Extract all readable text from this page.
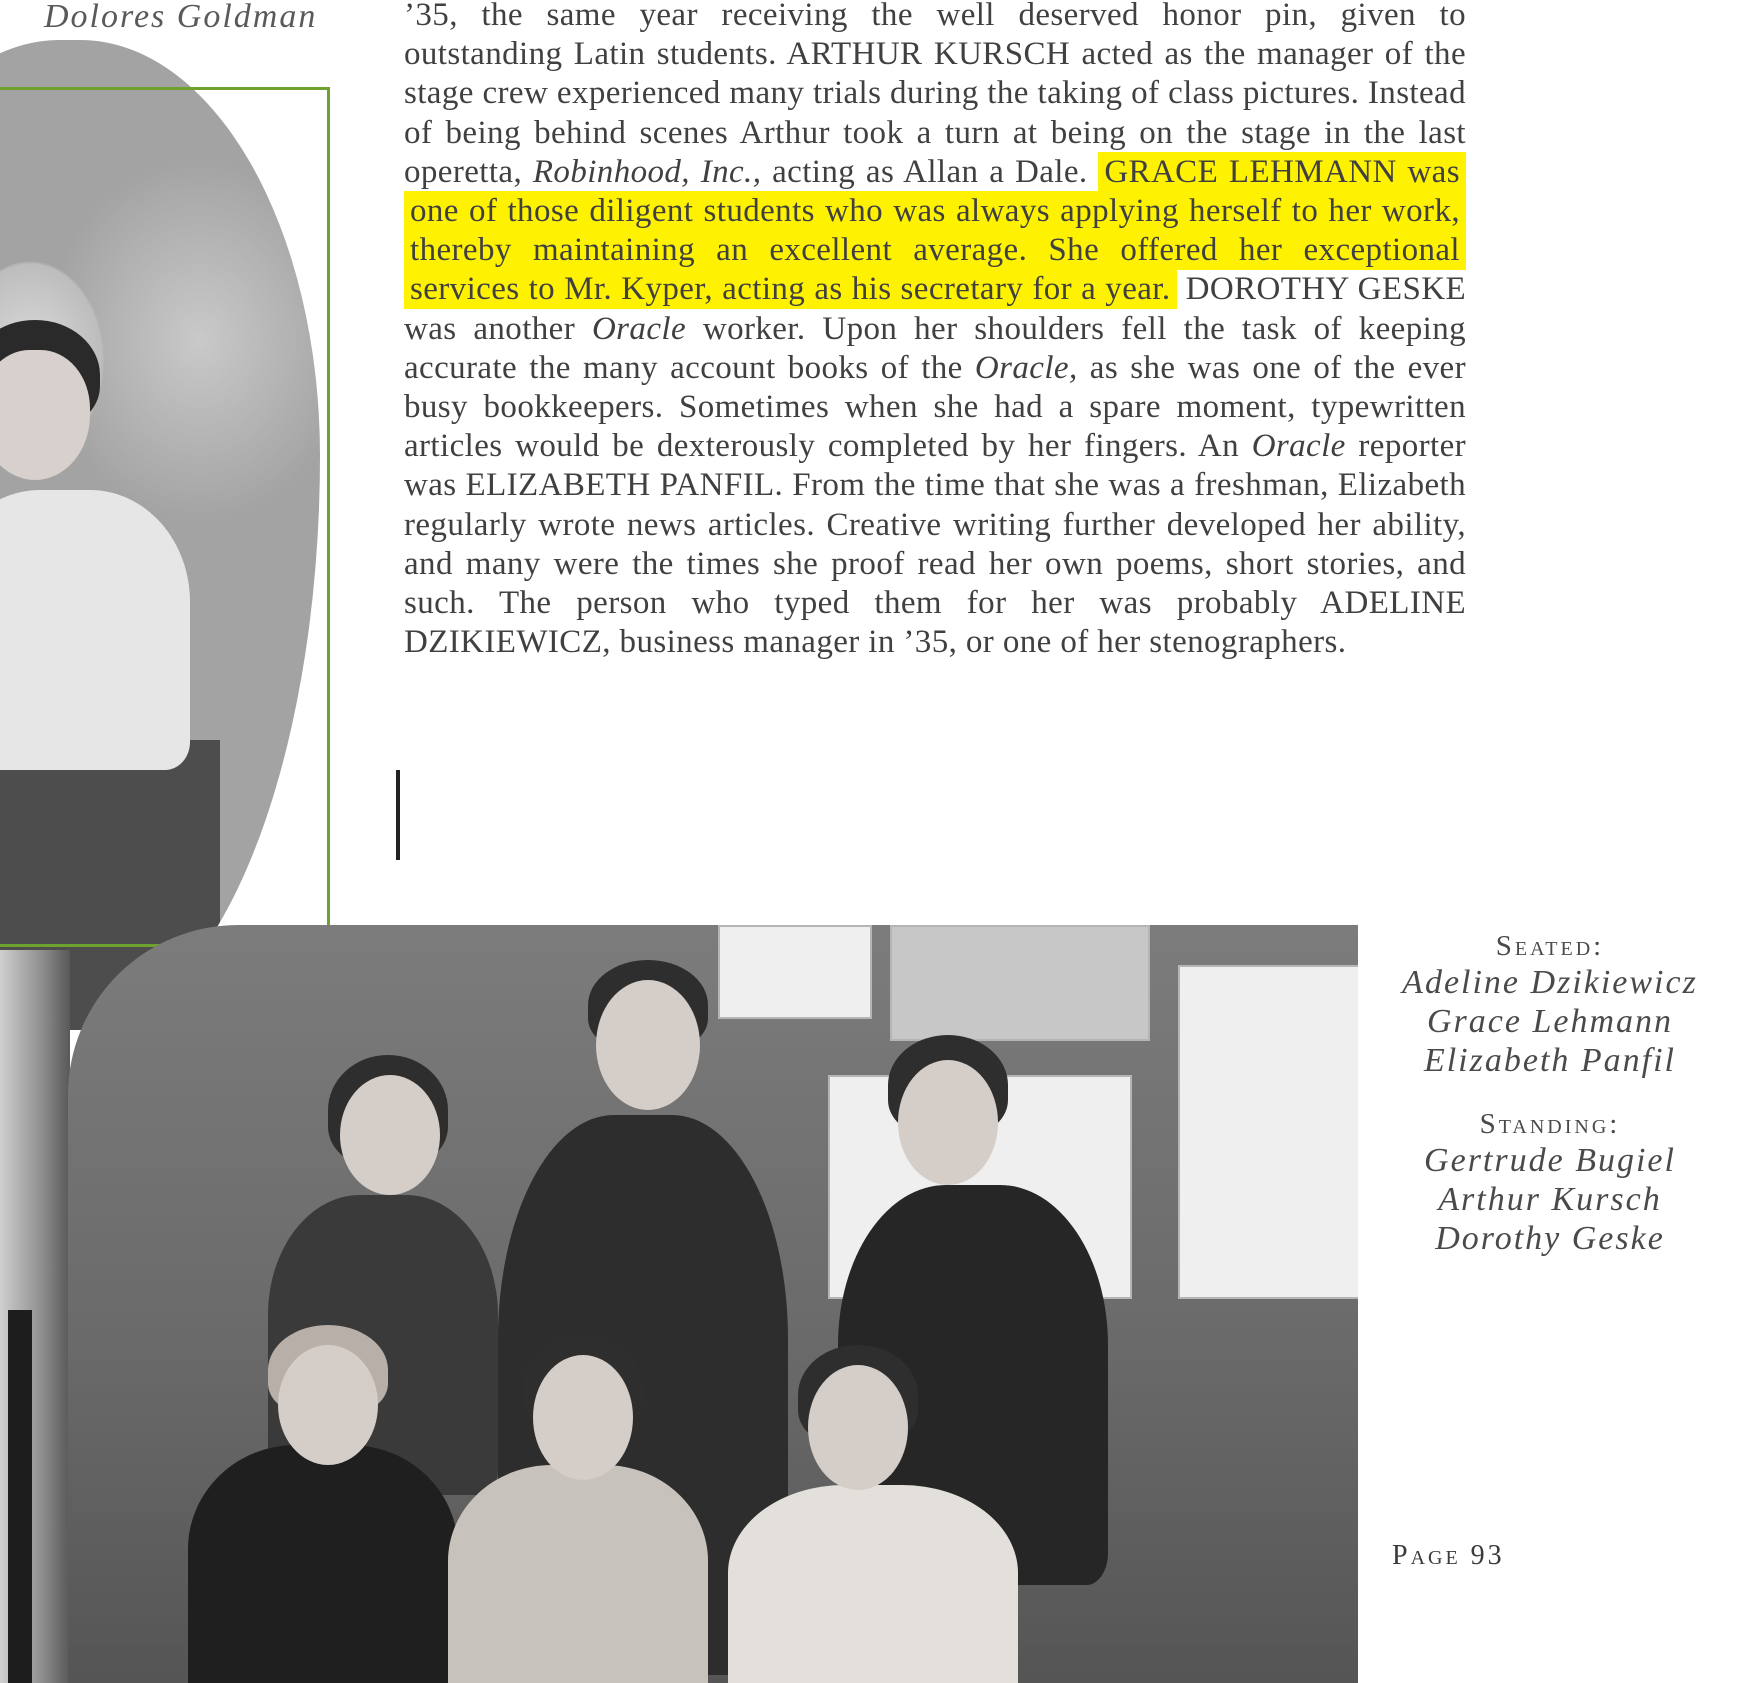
Dolores Goldman	’35, the same year receiving the well deserved honor pin, given to outstanding Latin students. ARTHUR KURSCH acted as the manager of the stage crew experienced many trials during the taking of class pictures. Instead of being behind scenes Arthur took a turn at being on the stage in the last operetta, Robinhood, Inc., acting as Allan a Dale. GRACE LEHMANN was one of those diligent students who was always applying herself to her work, thereby maintaining an excellent average. She offered her exceptional services to Mr. Kyper, acting as his secretary for a year. DOROTHY GESKE was another Oracle worker. Upon her shoulders fell the task of keeping accurate the many account books of the Oracle, as she was one of the ever busy bookkeepers. Sometimes when she had a spare moment, typewritten articles would be dexterously completed by her fingers. An Oracle reporter was ELIZABETH PANFIL. From the time that she was a freshman, Elizabeth regularly wrote news articles. Creative writing further developed her ability, and many were the times she proof read her own poems, short stories, and such. The person who typed them for her was probably ADELINE DZIKIEWICZ, business manager in ’35, or one of her stenographers.
Seated:
Adeline Dzikiewicz
Grace Lehmann
Elizabeth Panfil
Standing:
Gertrude Bugiel
Arthur Kursch
Dorothy Geske
Page 93
